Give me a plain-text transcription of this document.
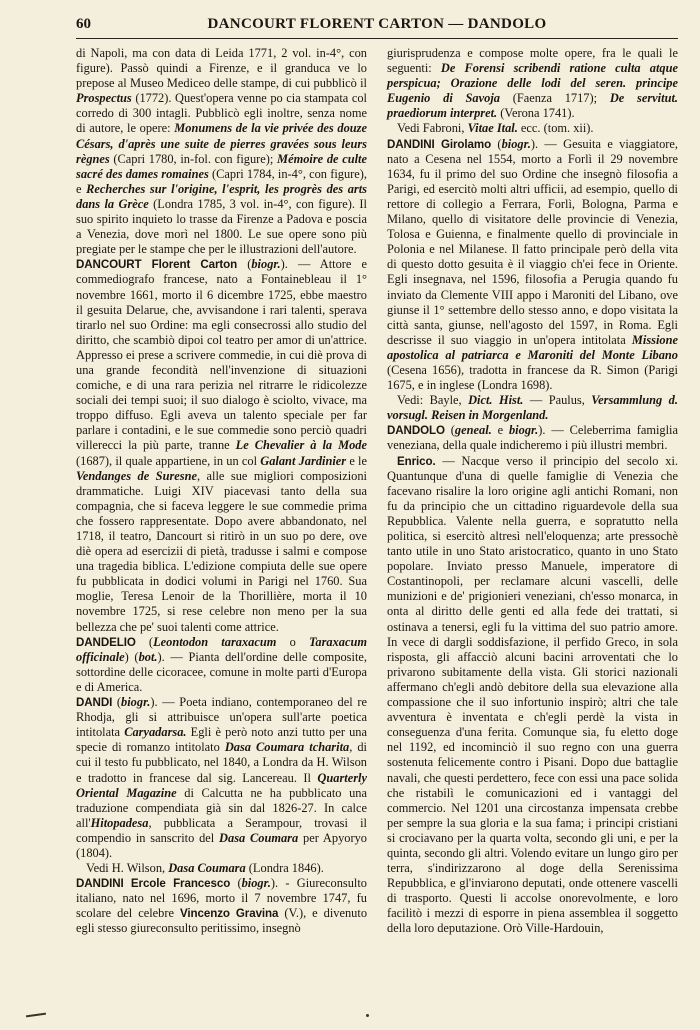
60	DANCOURT FLORENT CARTON — DANDOLO

di Napoli, ma con data di Leida 1771, 2 vol. in-4°, con figure). Passò quindi a Firenze, e il granduca ve lo prepose al Museo Mediceo delle stampe, di cui pubblicò il Prospectus (1772). Quest'opera venne po cia stampata col corredo di 300 intagli. Pubblicò egli inoltre, senza nome di autore, le opere: Monumens de la vie privée des douze Césars, d'après une suite de pierres gravées sous leurs règnes (Capri 1780, in-fol. con figure); Mémoire de culte sacré des dames romaines (Capri 1784, in-4°, con figure), e Recherches sur l'origine, l'esprit, les progrès des arts dans la Grèce (Londra 1785, 3 vol. in-4°, con figure). Il suo spirito inquieto lo trasse da Firenze a Padova e poscia a Venezia, dove morì nel 1800. Le sue opere sono più pregiate per le stampe che per le illustrazioni dell'autore.

DANCOURT Florent Carton (biogr.). — Attore e commediografo francese, nato a Fontainebleau il 1° novembre 1661, morto il 6 dicembre 1725, ebbe maestro il gesuita Delarue, che, avvisandone i rari talenti, sperava tirarlo nel suo Ordine: ma egli consecrossi allo studio del diritto, che scambiò dipoi col teatro per amor di un'attrice. Appresso ei prese a scrivere commedie, in cui diè prova di una grande fecondità nell'invenzione di situazioni comiche, e di una rara perizia nel ritrarre le ridicolezze sociali dei tempi suoi; il suo dialogo è sciolto, vivace, ma troppo diffuso. Egli aveva un talento speciale per far parlare i contadini, e le sue commedie sono perciò quadri villerecci la più parte, tranne Le Chevalier à la Mode (1687), il quale appartiene, in un col Galant Jardinier e le Vendanges de Suresne, alle sue migliori composizioni drammatiche. Luigi XIV piacevasi tanto della sua compagnia, che si faceva leggere le sue commedie prima che fossero rappresentate. Dopo avere abbandonato, nel 1718, il teatro, Dancourt si ritirò in un suo po dere, ove diè opera ad esercizii di pietà, tradusse i salmi e compose una tragedia biblica. L'edizione compiuta delle sue opere fu pubblicata in dodici volumi in Parigi nel 1760. Sua moglie, Teresa Lenoir de la Thorillière, morta il 10 novembre 1725, si rese celebre non meno per la sua bellezza che pe' suoi talenti come attrice.

DANDELIO (Leontodon taraxacum o Taraxacum officinale) (bot.). — Pianta dell'ordine delle composite, sottordine delle cicoracee, comune in molte parti d'Europa e di America.

DANDI (biogr.). — Poeta indiano, contemporaneo del re Rhodja, gli si attribuisce un'opera sull'arte poetica intitolata Caryadarsa. Egli è però noto anzi tutto per una specie di romanzo intitolato Dasa Coumara tcharita, di cui il testo fu pubblicato, nel 1840, a Londra da H. Wilson e tradotto in francese dal sig. Lancereau. Il Quarterly Oriental Magazine di Calcutta ne ha pubblicato una traduzione compendiata già sin dal 1826-27. In calce all'Hitopadesa, pubblicata a Serampour, trovasi il compendio in sanscrito del Dasa Coumara per Apyoryo (1804).

Vedi H. Wilson, Dasa Coumara (Londra 1846).

DANDINI Ercole Francesco (biogr.). - Giureconsulto italiano, nato nel 1696, morto il 7 novembre 1747, fu scolare del celebre Vincenzo Gravina (V.), e divenuto egli stesso giureconsulto peritissimo, insegnò

giurisprudenza e compose molte opere, fra le quali le seguenti: De Forensi scribendi ratione culta atque perspicua; Orazione delle lodi del seren. principe Eugenio di Savoja (Faenza 1717); De servitut. praediorum interpret. (Verona 1741).

Vedi Fabroni, Vitae Ital. ecc. (tom. xii).

DANDINI Girolamo (biogr.). — Gesuita e viaggiatore, nato a Cesena nel 1554, morto a Forlì il 29 novembre 1634, fu il primo del suo Ordine che insegnò filosofia a Parigi, ed esercitò molti altri ufficii, ad esempio, quello di rettore di collegio a Ferrara, Forlì, Bologna, Parma e Milano, quello di visitatore delle provincie di Venezia, Tolosa e Guienna, e finalmente quello di provinciale in Polonia e nel Milanese. Il fatto principale però della vita di questo dotto gesuita è il viaggio ch'ei fece in Oriente. Egli insegnava, nel 1596, filosofia a Perugia quando fu inviato da Clemente VIII appo i Maroniti del Libano, ove giunse il 1° settembre dello stesso anno, e dopo visitata la città santa, giunse, nell'agosto del 1597, in Roma. Egli descrisse il suo viaggio in un'opera intitolata Missione apostolica al patriarca e Maroniti del Monte Libano (Cesena 1656), tradotta in francese da R. Simon (Parigi 1675, e in inglese (Londra 1698).

Vedi: Bayle, Dict. Hist. — Paulus, Versammlung d. vorsugl. Reisen in Morgenland.

DANDOLO (geneal. e biogr.). — Celeberrima famiglia veneziana, della quale indicheremo i più illustri membri.

Enrico. — Nacque verso il principio del secolo xi. Quantunque d'una di quelle famiglie di Venezia che facevano risalire la loro origine agli antichi Romani, non fu da principio che un cittadino riguardevole della sua Repubblica. Valente nella guerra, e sopratutto nella politica, si esercitò altresì nell'eloquenza; arte pressochè tanto utile in uno Stato aristocratico, quanto in uno Stato popolare. Inviato presso Manuele, imperatore di Costantinopoli, per reclamare alcuni vascelli, delle munizioni e de' prigionieri veneziani, ch'esso monarca, in onta al diritto delle genti ed alla fede dei trattati, si ostinava a tenersi, egli fu la vittima del suo patrio amore. In vece di dargli soddisfazione, il perfido Greco, in sola risposta, gli affacciò alcuni bacini arroventati che lo privarono subitamente della vista. Gli storici nazionali affermano ch'egli andò debitore della sua elevazione alla compassione che il suo infortunio inspirò; altri che tale avventura è inventata e ch'egli perdè la vista in conseguenza d'una ferita. Comunque sia, fu eletto doge nel 1192, ed incominciò il suo regno con una guerra sostenuta felicemente contro i Pisani. Dopo due battaglie navali, che questi perdettero, fece con essi una pace solida che ristabilì le comunicazioni ed i vantaggi del commercio. Nel 1201 una circostanza impensata crebbe per sempre la sua gloria e la sua fama; i principi cristiani si crociavano per la quarta volta, secondo gli uni, e per la quinta, secondo gli altri. Volendo evitare un lungo giro per terra, s'indirizzarono al doge della Serenissima Repubblica, e gl'inviarono deputati, onde ottenere vascelli di trasporto. Questi li accolse onorevolmente, e loro facilitò i mezzi di esporre in piena assemblea il soggetto della loro deputazione. Orò Ville-Hardouin,
